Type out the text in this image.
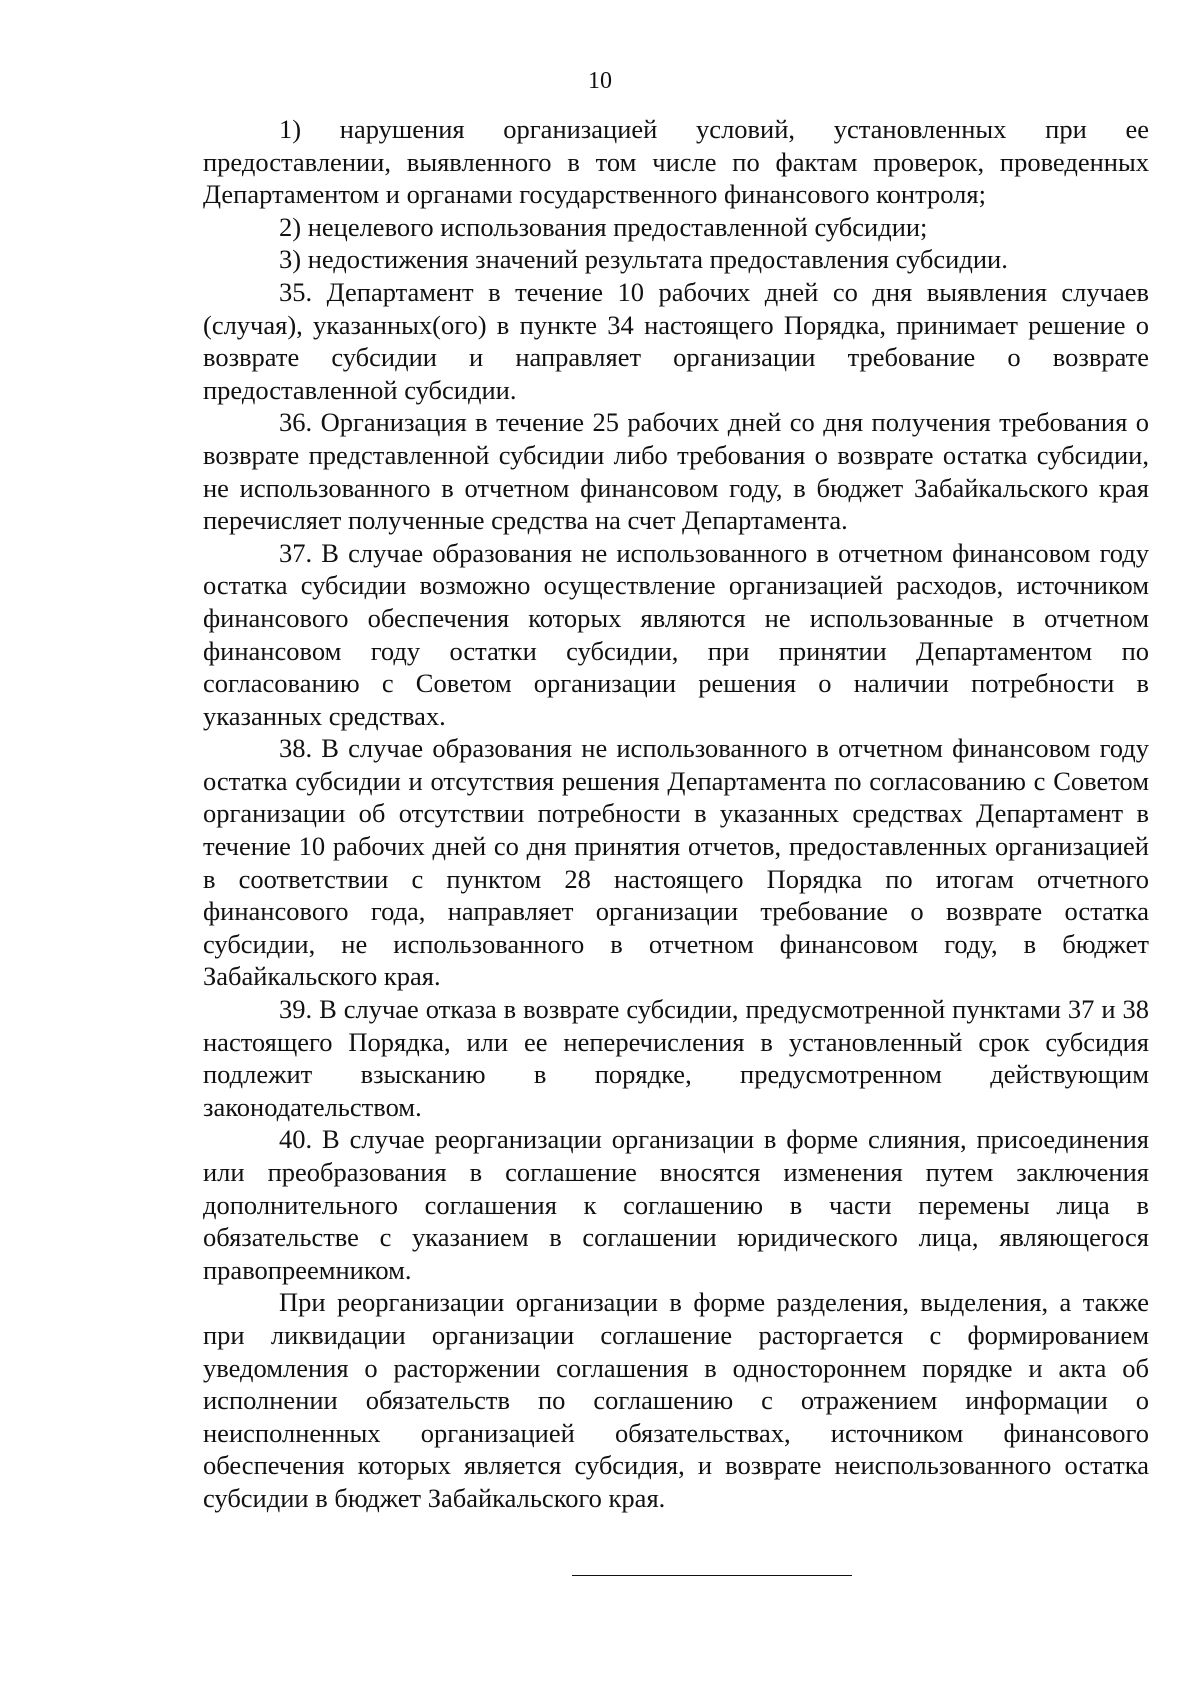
10

1) нарушения организацией условий, установленных при ее предоставлении, выявленного в том числе по фактам проверок, проведенных Департаментом и органами государственного финансового контроля;

2) нецелевого использования предоставленной субсидии;

3) недостижения значений результата предоставления субсидии.

35. Департамент в течение 10 рабочих дней со дня выявления случаев (случая), указанных(ого) в пункте 34 настоящего Порядка, принимает решение о возврате субсидии и направляет организации требование о возврате предоставленной субсидии.

36. Организация в течение 25 рабочих дней со дня получения требования о возврате представленной субсидии либо требования о возврате остатка субсидии, не использованного в отчетном финансовом году, в бюджет Забайкальского края перечисляет полученные средства на счет Департамента.

37. В случае образования не использованного в отчетном финансовом году остатка субсидии возможно осуществление организацией расходов, источником финансового обеспечения которых являются не использованные в отчетном финансовом году остатки субсидии, при принятии Департаментом по согласованию с Советом организации решения о наличии потребности в указанных средствах.

38. В случае образования не использованного в отчетном финансовом году остатка субсидии и отсутствия решения Департамента по согласованию с Советом организации об отсутствии потребности в указанных средствах Департамент в течение 10 рабочих дней со дня принятия отчетов, предоставленных организацией в соответствии с пунктом 28 настоящего Порядка по итогам отчетного финансового года, направляет организации требование о возврате остатка субсидии, не использованного в отчетном финансовом году, в бюджет Забайкальского края.

39. В случае отказа в возврате субсидии, предусмотренной пунктами 37 и 38 настоящего Порядка, или ее неперечисления в установленный срок субсидия подлежит взысканию в порядке, предусмотренном действующим законодательством.

40. В случае реорганизации организации в форме слияния, присоединения или преобразования в соглашение вносятся изменения путем заключения дополнительного соглашения к соглашению в части перемены лица в обязательстве с указанием в соглашении юридического лица, являющегося правопреемником.

При реорганизации организации в форме разделения, выделения, а также при ликвидации организации соглашение расторгается с формированием уведомления о расторжении соглашения в одностороннем порядке и акта об исполнении обязательств по соглашению с отражением информации о неисполненных организацией обязательствах, источником финансового обеспечения которых является субсидия, и возврате неиспользованного остатка субсидии в бюджет Забайкальского края.
